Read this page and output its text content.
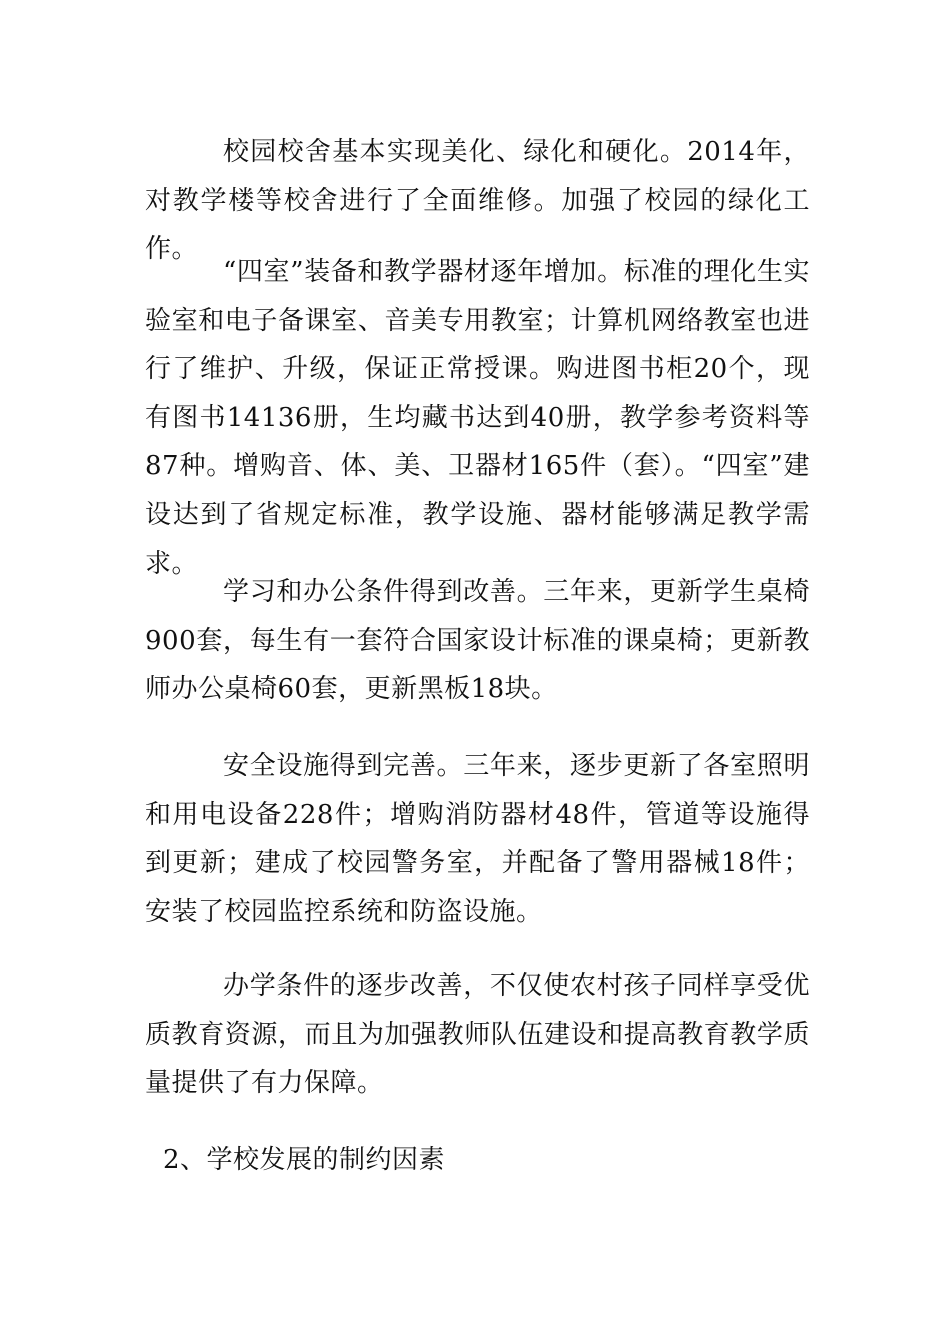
校园校舍基本实现美化、绿化和硬化。2014年，对教学楼等校舍进行了全面维修。加强了校园的绿化工作。

“四室”装备和教学器材逐年增加。标准的理化生实验室和电子备课室、音美专用教室；计算机网络教室也进行了维护、升级，保证正常授课。购进图书柜20个，现有图书14136册，生均藏书达到40册，教学参考资料等87种。增购音、体、美、卫器材165件（套）。“四室”建设达到了省规定标准，教学设施、器材能够满足教学需求。

学习和办公条件得到改善。三年来，更新学生桌椅900套，每生有一套符合国家设计标准的课桌椅；更新教师办公桌椅60套，更新黑板18块。

安全设施得到完善。三年来，逐步更新了各室照明和用电设备228件；增购消防器材48件，管道等设施得到更新；建成了校园警务室，并配备了警用器械18件；安装了校园监控系统和防盗设施。

办学条件的逐步改善，不仅使农村孩子同样享受优质教育资源，而且为加强教师队伍建设和提高教育教学质量提供了有力保障。

2、学校发展的制约因素
